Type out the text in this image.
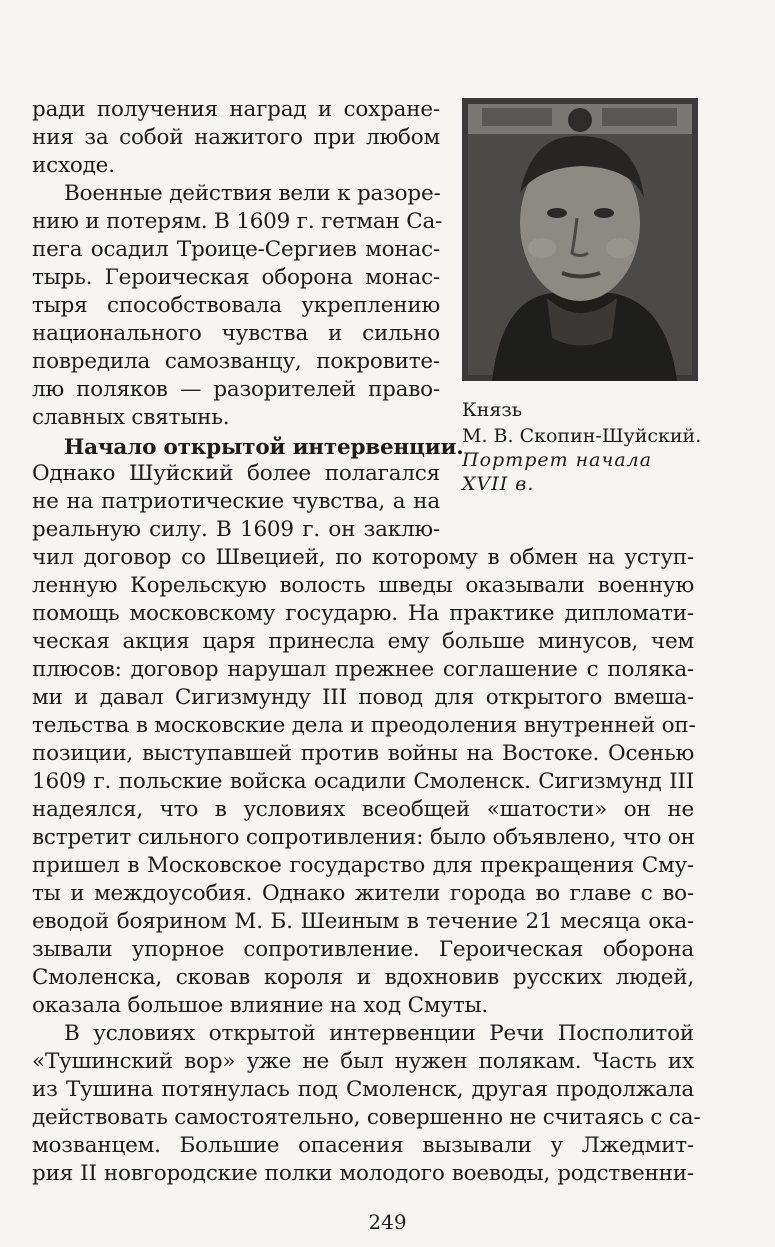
Князь
М. В. Скопин-Шуйский.
Портрет начала
XVII в.
ради получения наград и сохране-
ния за собой нажитого при любом
исходе.
Военные действия вели к разоре-
нию и потерям. В 1609 г. гетман Са-
пега осадил Троице-Сергиев монас-
тырь. Героическая оборона монас-
тыря способствовала укреплению
национального чувства и сильно
повредила самозванцу, покровите-
лю поляков — разорителей право-
славных святынь.
Начало открытой интервенции.
Однако Шуйский более полагался
не на патриотические чувства, а на
реальную силу. В 1609 г. он заклю-
чил договор со Швецией, по которому в обмен на уступ-
ленную Корельскую волость шведы оказывали военную
помощь московскому государю. На практике дипломати-
ческая акция царя принесла ему больше минусов, чем
плюсов: договор нарушал прежнее соглашение с поляка-
ми и давал Сигизмунду III повод для открытого вмеша-
тельства в московские дела и преодоления внутренней оп-
позиции, выступавшей против войны на Востоке. Осенью
1609 г. польские войска осадили Смоленск. Сигизмунд III
надеялся, что в условиях всеобщей «шатости» он не
встретит сильного сопротивления: было объявлено, что он
пришел в Московское государство для прекращения Сму-
ты и междоусобия. Однако жители города во главе с во-
еводой боярином М. Б. Шеиным в течение 21 месяца ока-
зывали упорное сопротивление. Героическая оборона
Смоленска, сковав короля и вдохновив русских людей,
оказала большое влияние на ход Смуты.
В условиях открытой интервенции Речи Посполитой
«Тушинский вор» уже не был нужен полякам. Часть их
из Тушина потянулась под Смоленск, другая продолжала
действовать самостоятельно, совершенно не считаясь с са-
мозванцем. Большие опасения вызывали у Лжедмит-
рия II новгородские полки молодого воеводы, родственни-
249
